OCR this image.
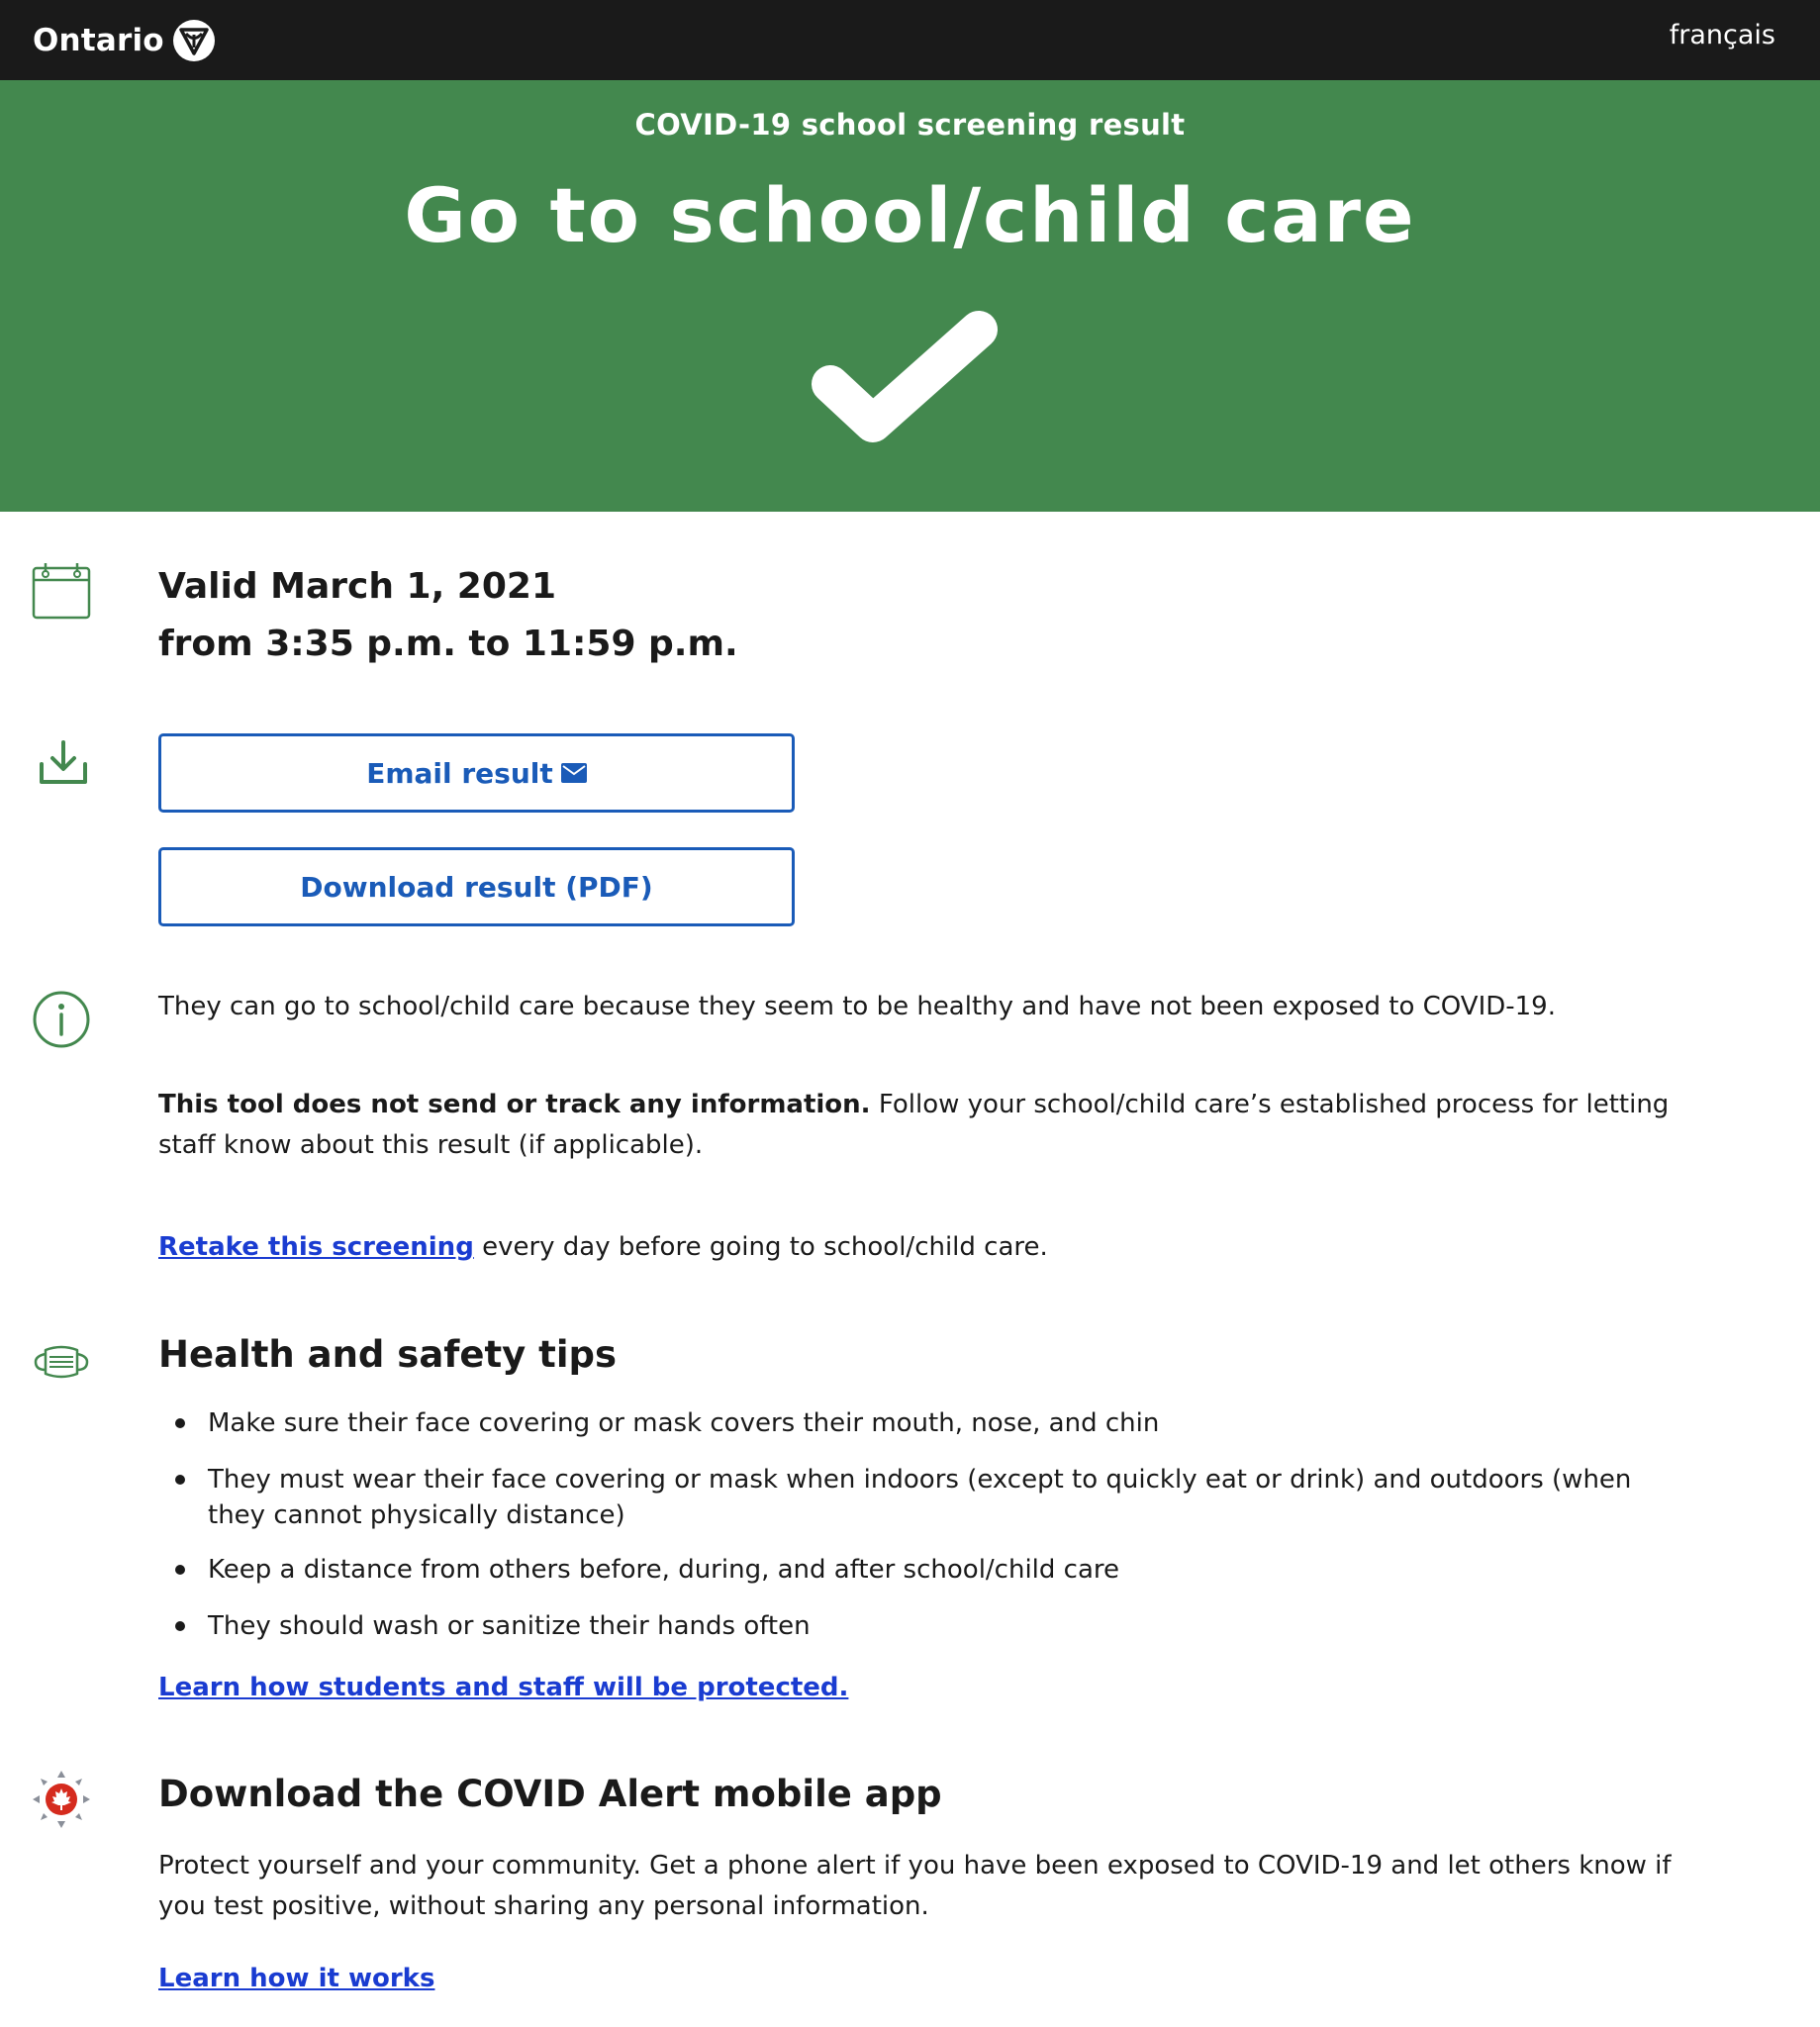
Ontario	français
COVID-19 school screening result
Go to school/child care
Valid March 1, 2021
from 3:35 p.m. to 11:59 p.m.
Email result
Download result (PDF)

They can go to school/child care because they seem to be healthy and have not been exposed to COVID-19.

This tool does not send or track any information. Follow your school/child care’s established process for letting staff know about this result (if applicable).

Retake this screening every day before going to school/child care.

Health and safety tips
Make sure their face covering or mask covers their mouth, nose, and chin
They must wear their face covering or mask when indoors (except to quickly eat or drink) and outdoors (when they cannot physically distance)
Keep a distance from others before, during, and after school/child care
They should wash or sanitize their hands often

Learn how students and staff will be protected.

Download the COVID Alert mobile app

Protect yourself and your community. Get a phone alert if you have been exposed to COVID-19 and let others know if you test positive, without sharing any personal information.

Learn how it works
